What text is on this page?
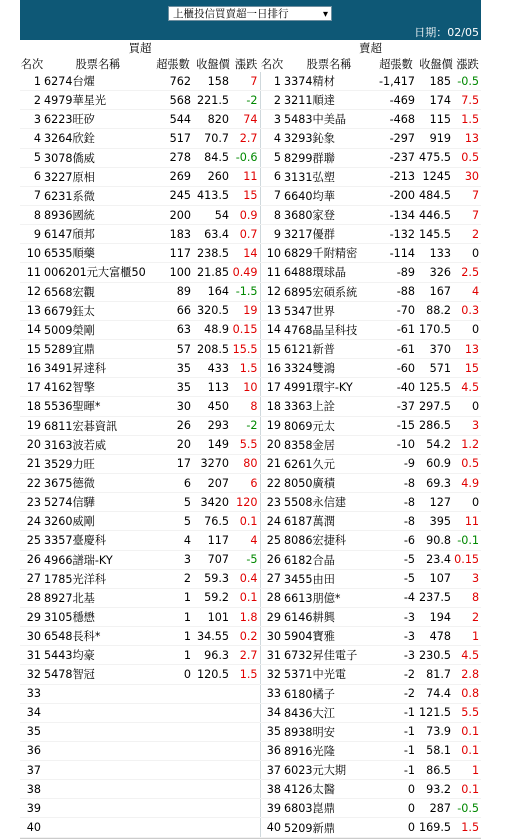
上櫃投信買賣超一日排行	▾
日期：02/05
買超					賣超				
名次	股票名稱	超張數	收盤價	漲跌	名次	股票名稱	超張數	收盤價	漲跌
1	6274台燿	762	158	7	1	3374精材	-1,417	185	-0.5
2	4979華星光	568	221.5	-2	2	3211順達	-469	174	7.5
3	6223旺矽	544	820	74	3	5483中美晶	-468	115	1.5
4	3264欣銓	517	70.7	2.7	4	3293鈊象	-297	919	13
5	3078僑威	278	84.5	-0.6	5	8299群聯	-237	475.5	0.5
6	3227原相	269	260	11	6	3131弘塑	-213	1245	30
7	6231系微	245	413.5	15	7	6640均華	-200	484.5	7
8	8936國統	200	54	0.9	8	3680家登	-134	446.5	7
9	6147頎邦	183	63.4	0.7	9	3217優群	-132	145.5	2
10	6535順藥	117	238.5	14	10	6829千附精密	-114	133	0
11	006201元大富櫃50	100	21.85	0.49	11	6488環球晶	-89	326	2.5
12	6568宏觀	89	164	-1.5	12	6895宏碩系統	-88	167	4
13	6679鈺太	66	320.5	19	13	5347世界	-70	88.2	0.3
14	5009榮剛	63	48.9	0.15	14	4768晶呈科技	-61	170.5	0
15	5289宜鼎	57	208.5	15.5	15	6121新普	-61	370	13
16	3491昇達科	35	433	1.5	16	3324雙鴻	-60	571	15
17	4162智擎	35	113	10	17	4991環宇-KY	-40	125.5	4.5
18	5536聖暉*	30	450	8	18	3363上詮	-37	297.5	0
19	6811宏碁資訊	26	293	-2	19	8069元太	-15	286.5	3
20	3163波若威	20	149	5.5	20	8358金居	-10	54.2	1.2
21	3529力旺	17	3270	80	21	6261久元	-9	60.9	0.5
22	3675德微	6	207	6	22	8050廣積	-8	69.3	4.9
23	5274信驊	5	3420	120	23	5508永信建	-8	127	0
24	3260威剛	5	76.5	0.1	24	6187萬潤	-8	395	11
25	3357臺慶科	4	117	4	25	8086宏捷科	-6	90.8	-0.1
26	4966譜瑞-KY	3	707	-5	26	6182合晶	-5	23.4	0.15
27	1785光洋科	2	59.3	0.4	27	3455由田	-5	107	3
28	8927北基	1	59.2	0.1	28	6613朋億*	-4	237.5	8
29	3105穩懋	1	101	1.8	29	6146耕興	-3	194	2
30	6548長科*	1	34.55	0.2	30	5904寶雅	-3	478	1
31	5443均豪	1	96.3	2.7	31	6732昇佳電子	-3	230.5	4.5
32	5478智冠	0	120.5	1.5	32	5371中光電	-2	81.7	2.8
33					33	6180橘子	-2	74.4	0.8
34					34	8436大江	-1	121.5	5.5
35					35	8938明安	-1	73.9	0.1
36					36	8916光隆	-1	58.1	0.1
37					37	6023元大期	-1	86.5	1
38					38	4126太醫	0	93.2	0.1
39					39	6803崑鼎	0	287	-0.5
40					40	5209新鼎	0	169.5	1.5
